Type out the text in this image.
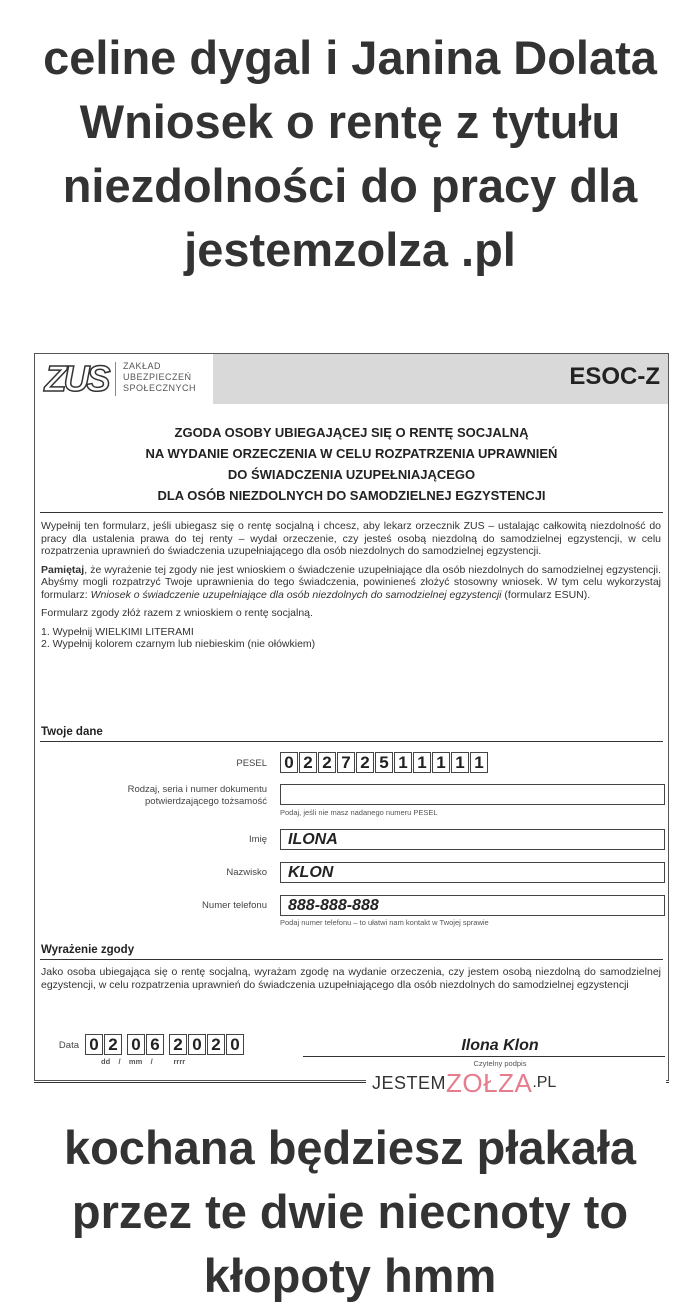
celine dygal i Janina Dolata Wniosek o rentę z tytułu niezdolności do pracy dla jestemzolza .pl
ZUS ZAKŁAD
UBEZPIECZEŃ
SPOŁECZNYCH	ESOC-Z
ZGODA OSOBY UBIEGAJĄCEJ SIĘ O RENTĘ SOCJALNĄ
NA WYDANIE ORZECZENIA W CELU ROZPATRZENIA UPRAWNIEŃ
DO ŚWIADCZENIA UZUPEŁNIAJĄCEGO
DLA OSÓB NIEZDOLNYCH DO SAMODZIELNEJ EGZYSTENCJI

Wypełnij ten formularz, jeśli ubiegasz się o rentę socjalną i chcesz, aby lekarz orzecznik ZUS – ustalając całkowitą niezdolność do pracy dla ustalenia prawa do tej renty – wydał orzeczenie, czy jesteś osobą niezdolną do samodzielnej egzystencji, w celu rozpatrzenia uprawnień do świadczenia uzupełniającego dla osób niezdolnych do samodzielnej egzystencji.

Pamiętaj, że wyrażenie tej zgody nie jest wnioskiem o świadczenie uzupełniające dla osób niezdolnych do samodzielnej egzystencji. Abyśmy mogli rozpatrzyć Twoje uprawnienia do tego świadczenia, powinieneś złożyć stosowny wniosek. W tym celu wykorzystaj formularz: Wniosek o świadczenie uzupełniające dla osób niezdolnych do samodzielnej egzystencji (formularz ESUN).

Formularz zgody złóż razem z wnioskiem o rentę socjalną.

1. Wypełnij WIELKIMI LITERAMI
2. Wypełnij kolorem czarnym lub niebieskim (nie ołówkiem)
Twoje dane
PESEL 0 2 2 7 2 5 1 1 1 1 1
Rodzaj, seria i numer dokumentu
potwierdzającego tożsamość
Podaj, jeśli nie masz nadanego numeru PESEL
Imię	ILONA
Nazwisko	KLON
Numer telefonu	888-888-888
Podaj numer telefonu – to ułatwi nam kontakt w Twojej sprawie
Wyrażenie zgody
Jako osoba ubiegająca się o rentę socjalną, wyrażam zgodę na wydanie orzeczenia, czy jestem osobą niezdolną do samodzielnej egzystencji, w celu rozpatrzenia uprawnień do świadczenia uzupełniającego dla osób niezdolnych do samodzielnej egzystencji
Data 0 2 0 6 2 0 2 0
dd    /    mm    /          rrrr
Ilona Klon
Czytelny podpis
JESTEM ZOŁZA .PL
kochana będziesz płakała przez te dwie niecnoty to kłopoty hmm
